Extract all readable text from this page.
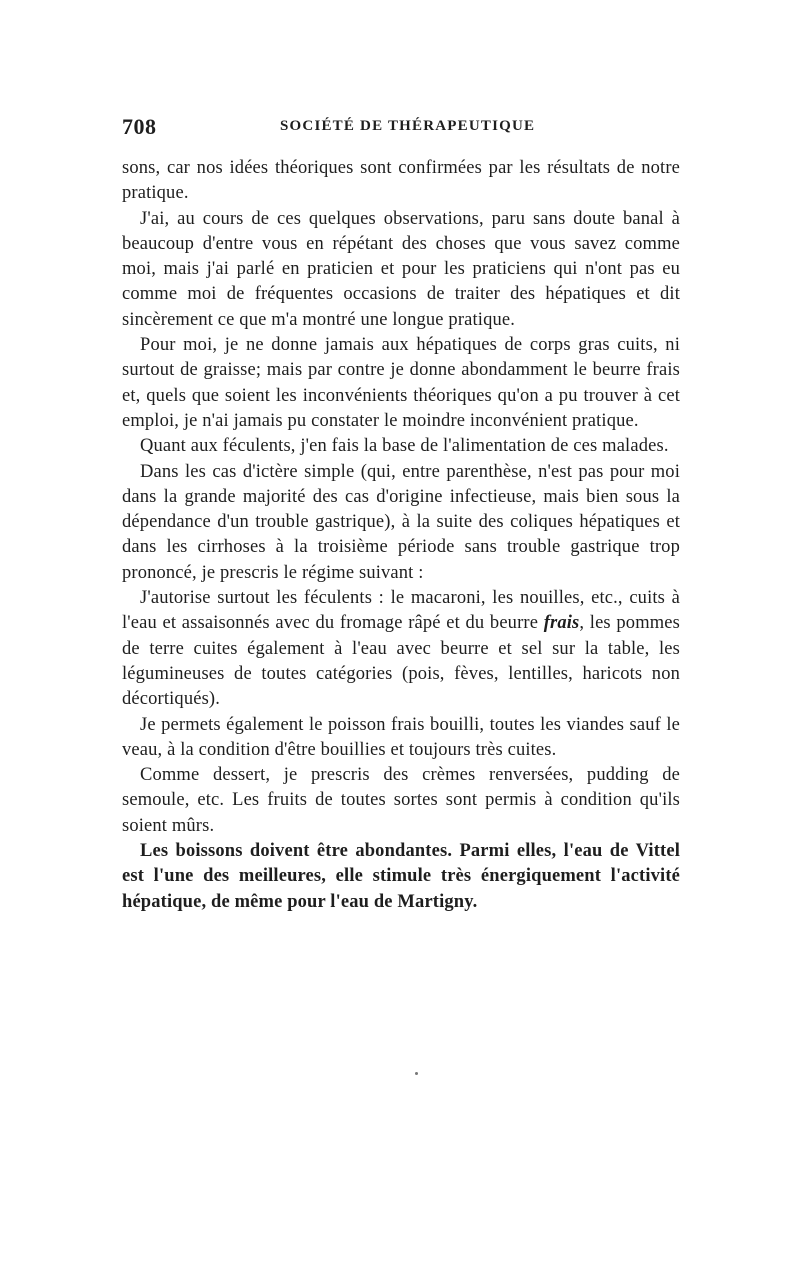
708	SOCIÉTÉ DE THÉRAPEUTIQUE

sons, car nos idées théoriques sont confirmées par les résultats de notre pratique.

J'ai, au cours de ces quelques observations, paru sans doute banal à beaucoup d'entre vous en répétant des choses que vous savez comme moi, mais j'ai parlé en praticien et pour les praticiens qui n'ont pas eu comme moi de fréquentes occasions de traiter des hépatiques et dit sincèrement ce que m'a montré une longue pratique.

Pour moi, je ne donne jamais aux hépatiques de corps gras cuits, ni surtout de graisse; mais par contre je donne abondamment le beurre frais et, quels que soient les inconvénients théoriques qu'on a pu trouver à cet emploi, je n'ai jamais pu constater le moindre inconvénient pratique.

Quant aux féculents, j'en fais la base de l'alimentation de ces malades.

Dans les cas d'ictère simple (qui, entre parenthèse, n'est pas pour moi dans la grande majorité des cas d'origine infectieuse, mais bien sous la dépendance d'un trouble gastrique), à la suite des coliques hépatiques et dans les cirrhoses à la troisième période sans trouble gastrique trop prononcé, je prescris le régime suivant :

J'autorise surtout les féculents : le macaroni, les nouilles, etc., cuits à l'eau et assaisonnés avec du fromage râpé et du beurre frais, les pommes de terre cuites également à l'eau avec beurre et sel sur la table, les légumineuses de toutes catégories (pois, fèves, lentilles, haricots non décortiqués).

Je permets également le poisson frais bouilli, toutes les viandes sauf le veau, à la condition d'être bouillies et toujours très cuites.

Comme dessert, je prescris des crèmes renversées, pudding de semoule, etc. Les fruits de toutes sortes sont permis à condition qu'ils soient mûrs.

Les boissons doivent être abondantes. Parmi elles, l'eau de Vittel est l'une des meilleures, elle stimule très énergiquement l'activité hépatique, de même pour l'eau de Martigny.
